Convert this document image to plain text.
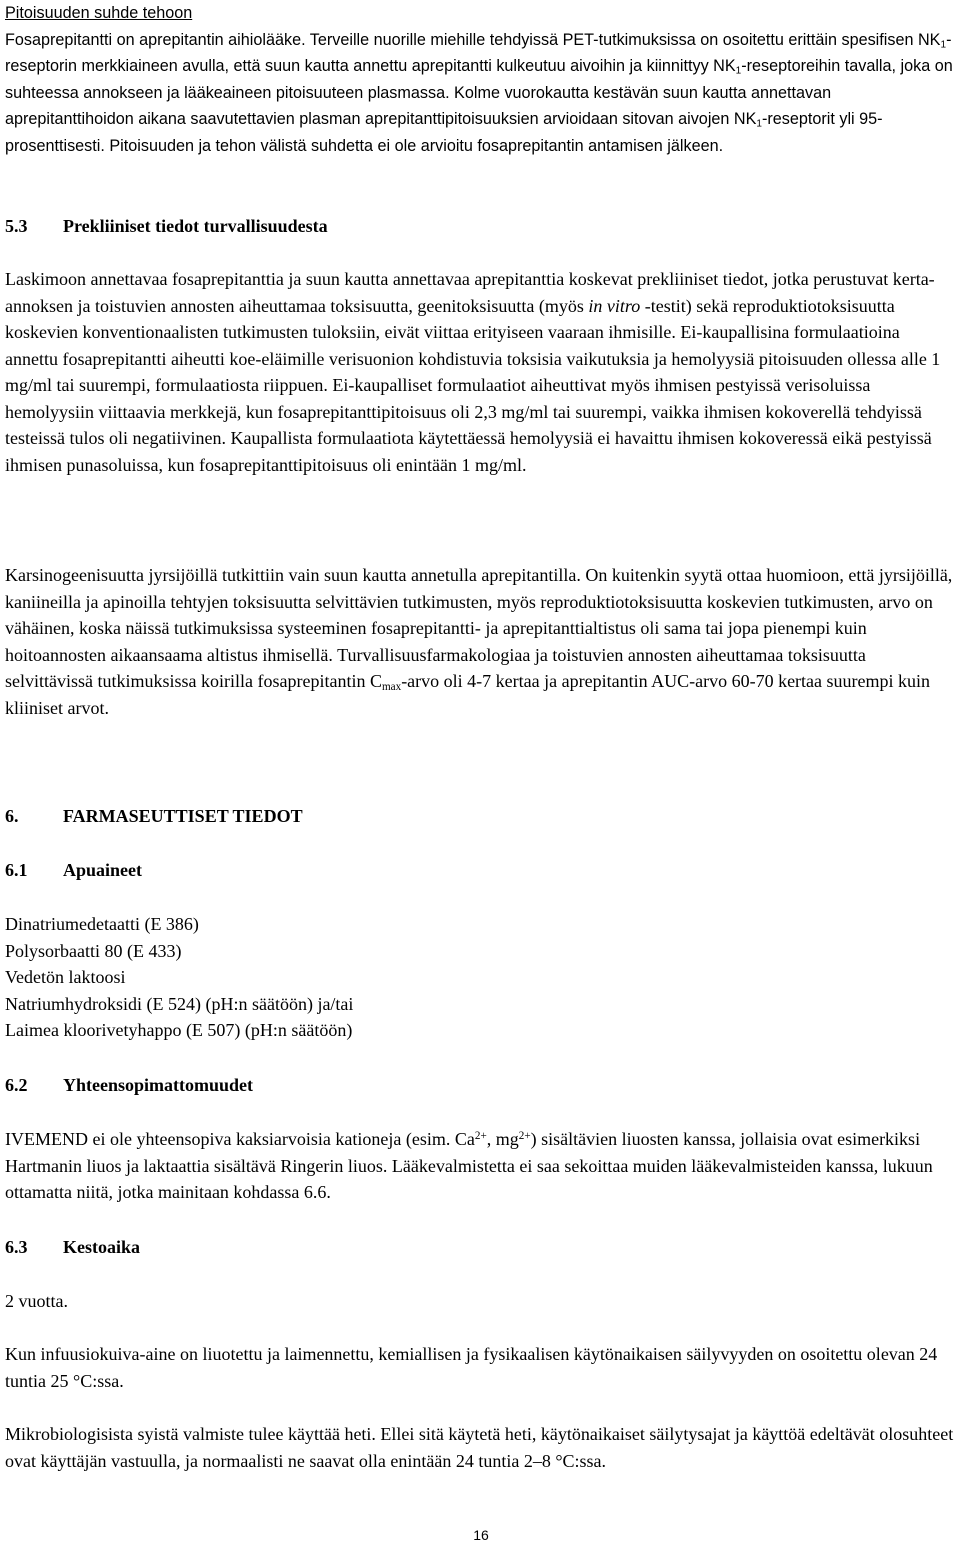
Pitoisuuden suhde tehoon

Fosaprepitantti on aprepitantin aihiolääke. Terveille nuorille miehille tehdyissä PET-tutkimuksissa on osoitettu erittäin spesifisen $NK_1$-reseptorin merkkiaineen avulla, että suun kautta annettu aprepitantti kulkeutuu aivoihin ja kiinnittyy $NK_1$-reseptoreihin tavalla, joka on suhteessa annokseen ja lääkeaineen pitoisuuteen plasmassa. Kolme vuorokautta kestävän suun kautta annettavan aprepitanttihoidon aikana saavutettavien plasman aprepitanttipitoisuuksien arvioidaan sitovan aivojen $NK_1$-reseptorit yli 95-prosenttisesti. Pitoisuuden ja tehon välistä suhdetta ei ole arvioitu fosaprepitantin antamisen jälkeen.

5.3 Prekliiniset tiedot turvallisuudesta

Laskimoon annettavaa fosaprepitanttia ja suun kautta annettavaa aprepitanttia koskevat prekliiniset tiedot, jotka perustuvat kerta-annoksen ja toistuvien annosten aiheuttamaa toksisuutta, geenitoksisuutta (myös in vitro -testit) sekä reproduktiotoksisuutta koskevien konventionaalisten tutkimusten tuloksiin, eivät viittaa erityiseen vaaraan ihmisille. Ei-kaupallisina formulaatioina annettu fosaprepitantti aiheutti koe-eläimille verisuonion kohdistuvia toksisia vaikutuksia ja hemolyysiä pitoisuuden ollessa alle 1 mg/ml tai suurempi, formulaatiosta riippuen. Ei-kaupalliset formulaatiot aiheuttivat myös ihmisen pestyissä verisoluissa hemolyysiin viittaavia merkkejä, kun fosaprepitanttipitoisuus oli 2,3 mg/ml tai suurempi, vaikka ihmisen kokoverellä tehdyissä testeissä tulos oli negatiivinen. Kaupallista formulaatiota käytettäessä hemolyysiä ei havaittu ihmisen kokoveressä eikä pestyissä ihmisen punasoluissa, kun fosaprepitanttipitoisuus oli enintään 1 mg/ml.

Karsinogeenisuutta jyrsijöillä tutkittiin vain suun kautta annetulla aprepitantilla. On kuitenkin syytä ottaa huomioon, että jyrsijöillä, kaniineilla ja apinoilla tehtyjen toksisuutta selvittävien tutkimusten, myös reproduktiotoksisuutta koskevien tutkimusten, arvo on vähäinen, koska näissä tutkimuksissa systeeminen fosaprepitantti- ja aprepitanttialtistus oli sama tai jopa pienempi kuin hoitoannosten aikaansaama altistus ihmisellä. Turvallisuusfarmakologiaa ja toistuvien annosten aiheuttamaa toksisuutta selvittävissä tutkimuksissa koirilla fosaprepitantin $C_{max}$-arvo oli 4-7 kertaa ja aprepitantin AUC-arvo 60-70 kertaa suurempi kuin kliiniset arvot.

6. FARMASEUTTISET TIEDOT
6.1 Apuaineet

Dinatriumedetaatti (E 386)

Polysorbaatti 80 (E 433)

Vedetön laktoosi

Natriumhydroksidi (E 524) (pH:n säätöön) ja/tai

Laimea kloorivetyhappo (E 507) (pH:n säätöön)

6.2 Yhteensopimattomuudet

IVEMEND ei ole yhteensopiva kaksiarvoisia kationeja (esim. $Ca^{2+}$, $mg^{2+}$) sisältävien liuosten kanssa, jollaisia ovat esimerkiksi Hartmanin liuos ja laktaattia sisältävä Ringerin liuos. Lääkevalmistetta ei saa sekoittaa muiden lääkevalmisteiden kanssa, lukuun ottamatta niitä, jotka mainitaan kohdassa 6.6.

6.3 Kestoaika

2 vuotta.

Kun infuusiokuiva-aine on liuotettu ja laimennettu, kemiallisen ja fysikaalisen käytönaikaisen säilyvyyden on osoitettu olevan 24 tuntia 25 °C:ssa.

Mikrobiologisista syistä valmiste tulee käyttää heti. Ellei sitä käytetä heti, käytönaikaiset säilytysajat ja käyttöä edeltävät olosuhteet ovat käyttäjän vastuulla, ja normaalisti ne saavat olla enintään 24 tuntia 2–8 °C:ssa.

16
